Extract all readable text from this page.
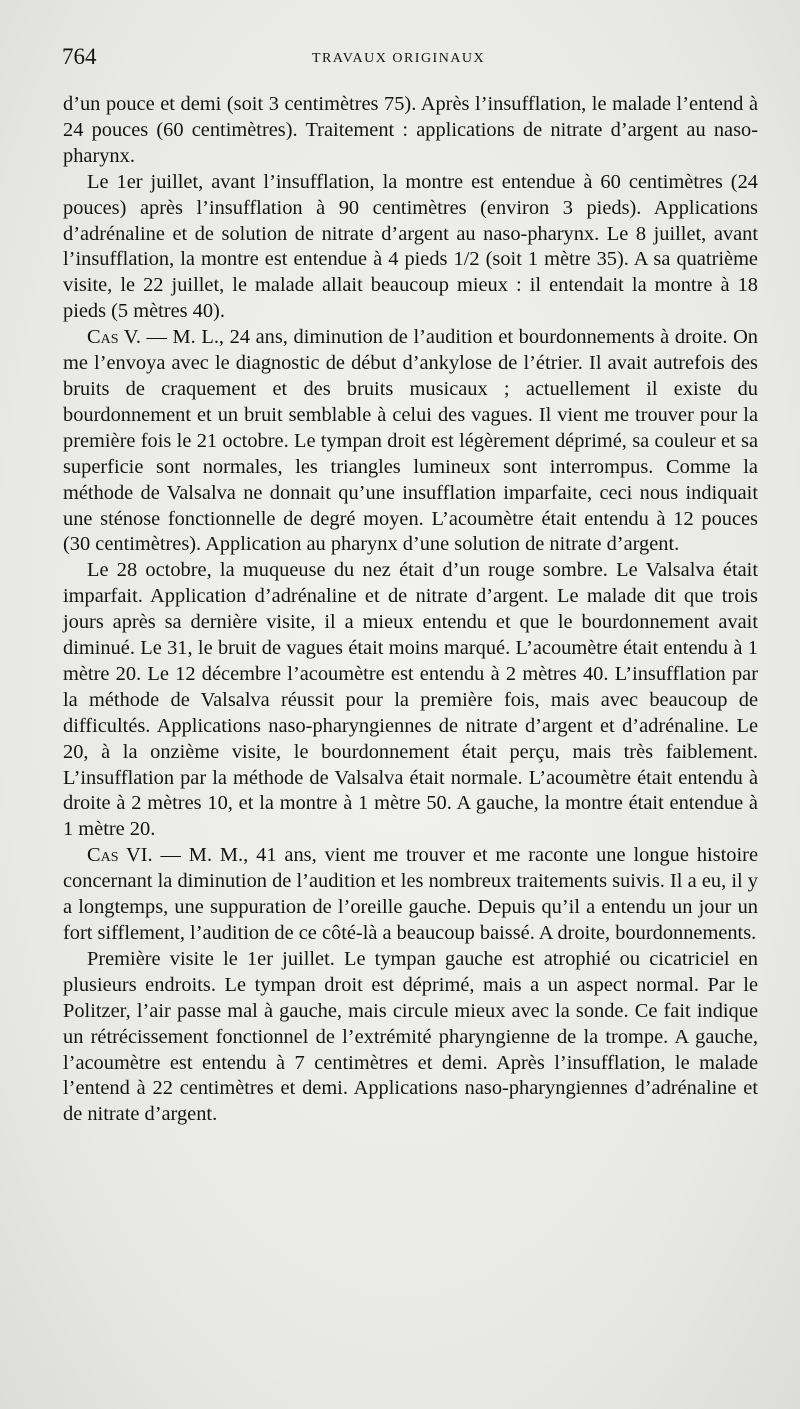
764	TRAVAUX ORIGINAUX

d’un pouce et demi (soit 3 centimètres 75). Après l’insufflation, le malade l’entend à 24 pouces (60 centimètres). Traitement : applications de nitrate d’argent au naso-pharynx.

Le 1er juillet, avant l’insufflation, la montre est entendue à 60 centimètres (24 pouces) après l’insufflation à 90 centimètres (environ 3 pieds). Applications d’adrénaline et de solution de nitrate d’argent au naso-pharynx. Le 8 juillet, avant l’insufflation, la montre est entendue à 4 pieds 1/2 (soit 1 mètre 35). A sa quatrième visite, le 22 juillet, le malade allait beaucoup mieux : il entendait la montre à 18 pieds (5 mètres 40).

Cas V. — M. L., 24 ans, diminution de l’audition et bourdonnements à droite. On me l’envoya avec le diagnostic de début d’ankylose de l’étrier. Il avait autrefois des bruits de craquement et des bruits musicaux ; actuellement il existe du bourdonnement et un bruit semblable à celui des vagues. Il vient me trouver pour la première fois le 21 octobre. Le tympan droit est légèrement déprimé, sa couleur et sa superficie sont normales, les triangles lumineux sont interrompus. Comme la méthode de Valsalva ne donnait qu’une insufflation imparfaite, ceci nous indiquait une sténose fonctionnelle de degré moyen. L’acoumètre était entendu à 12 pouces (30 centimètres). Application au pharynx d’une solution de nitrate d’argent.

Le 28 octobre, la muqueuse du nez était d’un rouge sombre. Le Valsalva était imparfait. Application d’adrénaline et de nitrate d’argent. Le malade dit que trois jours après sa dernière visite, il a mieux entendu et que le bourdonnement avait diminué. Le 31, le bruit de vagues était moins marqué. L’acoumètre était entendu à 1 mètre 20. Le 12 décembre l’acoumètre est entendu à 2 mètres 40. L’insufflation par la méthode de Valsalva réussit pour la première fois, mais avec beaucoup de difficultés. Applications naso-pharyngiennes de nitrate d’argent et d’adrénaline. Le 20, à la onzième visite, le bourdonnement était perçu, mais très faiblement. L’insufflation par la méthode de Valsalva était normale. L’acoumètre était entendu à droite à 2 mètres 10, et la montre à 1 mètre 50. A gauche, la montre était entendue à 1 mètre 20.

Cas VI. — M. M., 41 ans, vient me trouver et me raconte une longue histoire concernant la diminution de l’audition et les nombreux traitements suivis. Il a eu, il y a longtemps, une suppuration de l’oreille gauche. Depuis qu’il a entendu un jour un fort sifflement, l’audition de ce côté-là a beaucoup baissé. A droite, bourdonnements.

Première visite le 1er juillet. Le tympan gauche est atrophié ou cicatriciel en plusieurs endroits. Le tympan droit est déprimé, mais a un aspect normal. Par le Politzer, l’air passe mal à gauche, mais circule mieux avec la sonde. Ce fait indique un rétrécissement fonctionnel de l’extrémité pharyngienne de la trompe. A gauche, l’acoumètre est entendu à 7 centimètres et demi. Après l’insufflation, le malade l’entend à 22 centimètres et demi. Applications naso-pharyngiennes d’adrénaline et de nitrate d’argent.
